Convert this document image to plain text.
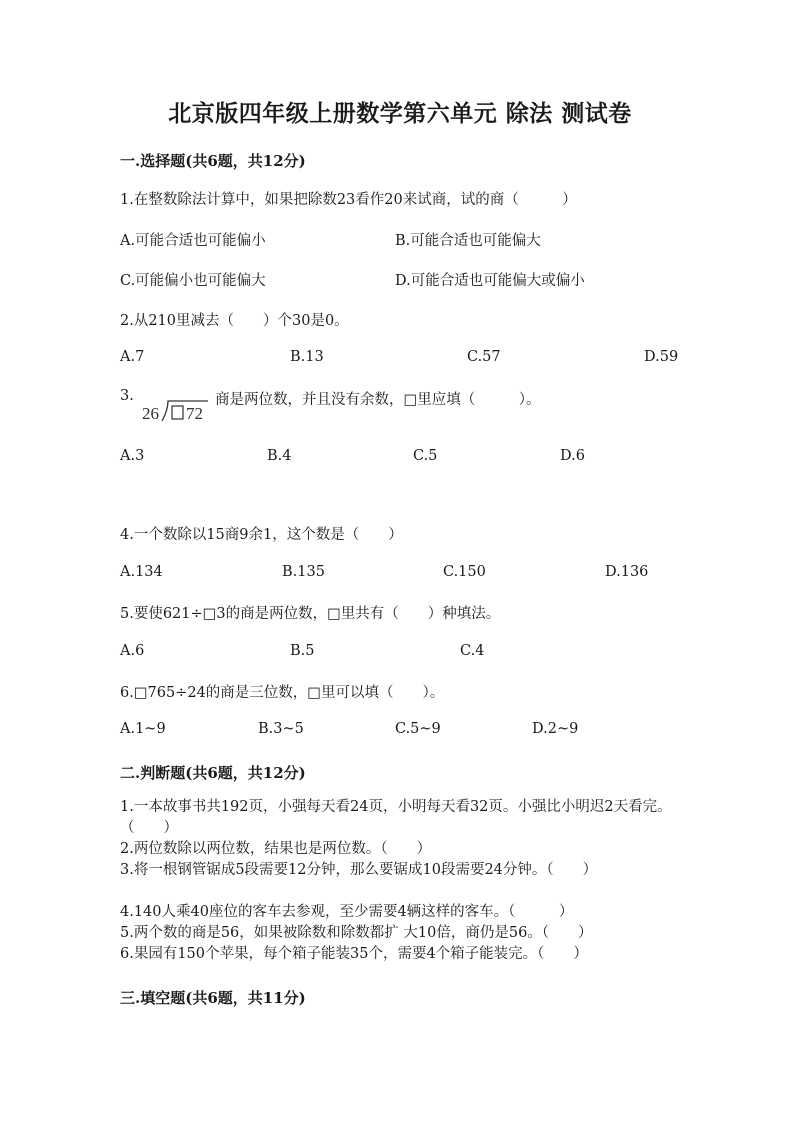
北京版四年级上册数学第六单元 除法 测试卷
一.选择题(共6题，共12分)
1.在整数除法计算中，如果把除数23看作20来试商，试的商（　　　）
A.可能合适也可能偏小	B.可能合适也可能偏大
C.可能偏小也可能偏大	D.可能合适也可能偏大或偏小
2.从210里减去（　　）个30是0。
A.7	B.13	C.57	D.59
3.
26 72
商是两位数，并且没有余数，□里应填（　　　）。
A.3	B.4	C.5	D.6
4.一个数除以15商9余1，这个数是（　　）
A.134	B.135	C.150	D.136
5.要使621÷□3的商是两位数，□里共有（　　）种填法。
A.6	B.5	C.4
6.□765÷24的商是三位数，□里可以填（　　）。
A.1~9	B.3~5	C.5~9	D.2~9
二.判断题(共6题，共12分)
1.一本故事书共192页，小强每天看24页，小明每天看32页。小强比小明迟2天看完。（　　）
2.两位数除以两位数，结果也是两位数。（　　）
3.将一根钢管锯成5段需要12分钟，那么要锯成10段需要24分钟。（　　）
4.140人乘40座位的客车去参观，至少需要4辆这样的客车。（　　　）
5.两个数的商是56，如果被除数和除数都扩 大10倍，商仍是56。（　　）
6.果园有150个苹果，每个箱子能装35个，需要4个箱子能装完。（　　）
三.填空题(共6题，共11分)
